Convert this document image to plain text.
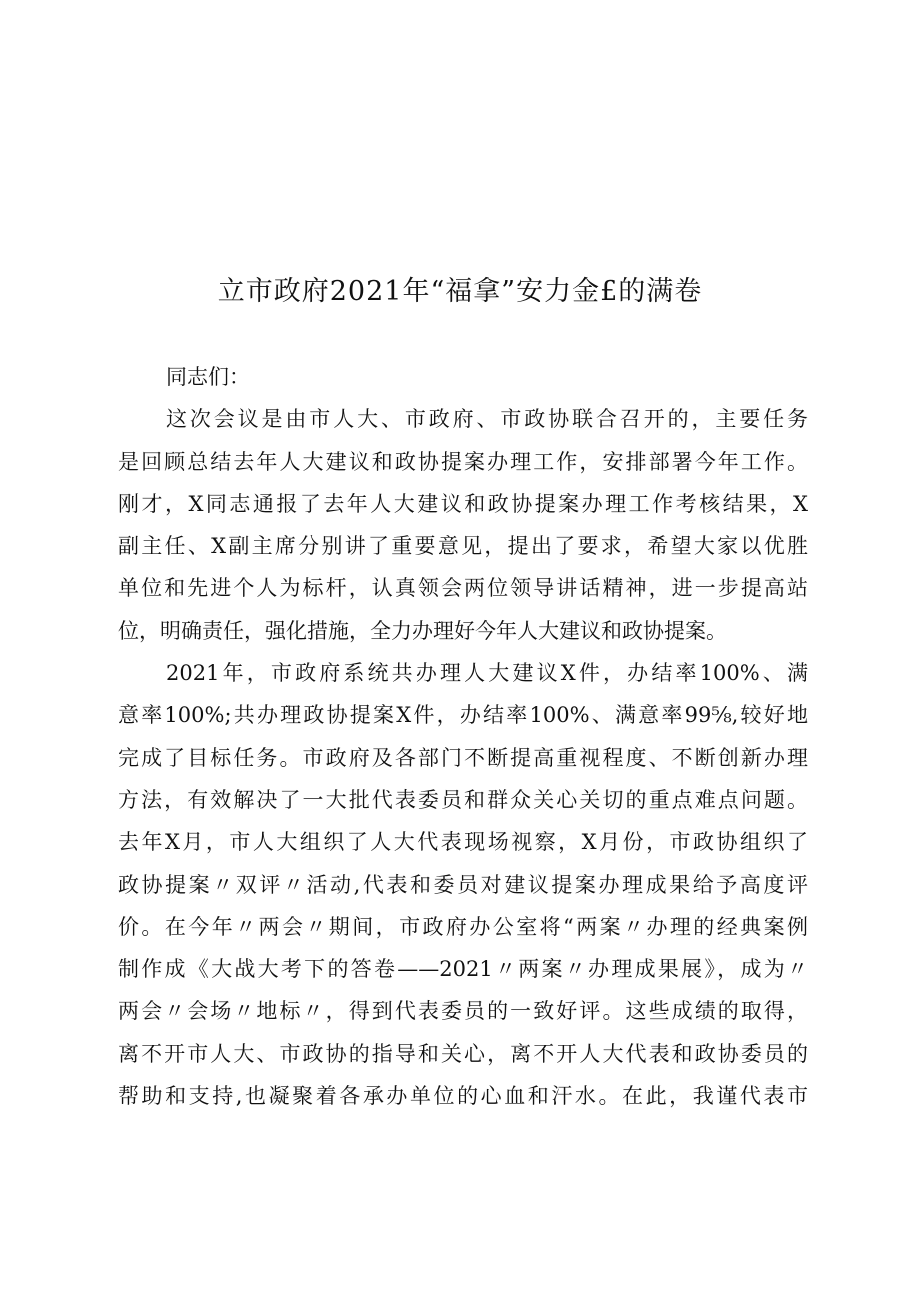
立市政府2021年“福拿”安力金£的满卷
同志们：
这次会议是由市人大、市政府、市政协联合召开的，主要任务
是回顾总结去年人大建议和政协提案办理工作，安排部署今年工作。
刚才，X同志通报了去年人大建议和政协提案办理工作考核结果，X
副主任、X副主席分别讲了重要意见，提出了要求，希望大家以优胜
单位和先进个人为标杆，认真领会两位领导讲话精神，进一步提高站
位，明确责任，强化措施，全力办理好今年人大建议和政协提案。
2021年，市政府系统共办理人大建议X件，办结率100%、满
意率100%;共办理政协提案X件，办结率100%、满意率99⅝,较好地
完成了目标任务。市政府及各部门不断提高重视程度、不断创新办理
方法，有效解决了一大批代表委员和群众关心关切的重点难点问题。
去年X月，市人大组织了人大代表现场视察，X月份，市政协组织了
政协提案〃双评〃活动,代表和委员对建议提案办理成果给予高度评
价。在今年〃两会〃期间，市政府办公室将“两案〃办理的经典案例
制作成《大战大考下的答卷——2021〃两案〃办理成果展》，成为〃
两会〃会场〃地标〃，得到代表委员的一致好评。这些成绩的取得，
离不开市人大、市政协的指导和关心，离不开人大代表和政协委员的
帮助和支持,也凝聚着各承办单位的心血和汗水。在此，我谨代表市
